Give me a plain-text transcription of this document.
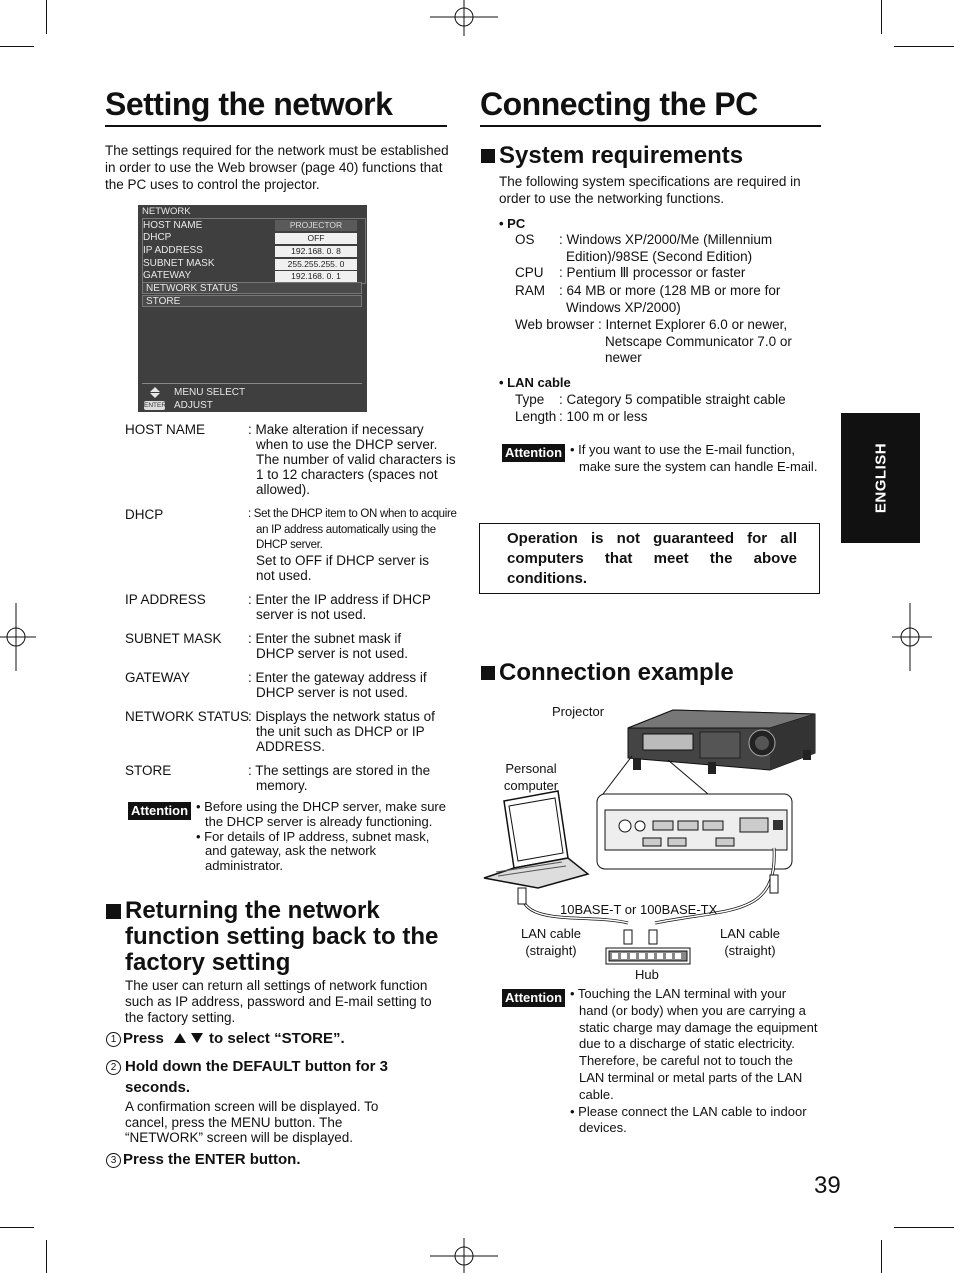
Setting the network
The settings required for the network must be established in order to use the Web browser (page 40) functions that the PC uses to control the projector.
NETWORK
HOST NAME	PROJECTOR
DHCP	OFF
IP ADDRESS	192.168. 0. 8
SUBNET MASK	255.255.255. 0
GATEWAY	192.168. 0. 1
NETWORK STATUS
STORE
MENU SELECT
ENTER ADJUST
HOST NAME	: Make alteration if necessary when to use the DHCP server. The number of valid characters is 1 to 12 characters (spaces not allowed).
DHCP	: Set the DHCP item to ON when to acquire an IP address automatically using the DHCP server.
Set to OFF if DHCP server is not used.
IP ADDRESS	: Enter the IP address if DHCP server is not used.
SUBNET MASK : Enter the subnet mask if DHCP server is not used.
GATEWAY	: Enter the gateway address if DHCP server is not used.
NETWORK STATUS : Displays the network status of the unit such as DHCP or IP ADDRESS.
STORE	: The settings are stored in the memory.
Attention • Before using the DHCP server, make sure the DHCP server is already functioning.
• For details of IP address, subnet mask, and gateway, ask the network administrator.
Returning the network function setting back to the factory setting
The user can return all settings of network function such as IP address, password and E-mail setting to the factory setting.
1 Press	to select “STORE”.
2 Hold down the DEFAULT button for 3 seconds.
A confirmation screen will be displayed. To cancel, press the MENU button. The “NETWORK” screen will be displayed.
3 Press the ENTER button.
Connecting the PC
System requirements
The following system specifications are required in order to use the networking functions.
• PC
OS : Windows XP/2000/Me (Millennium Edition)/98SE (Second Edition)
CPU : Pentium Ⅲ processor or faster
RAM : 64 MB or more (128 MB or more for Windows XP/2000)
Web browser : Internet Explorer 6.0 or newer, Netscape Communicator 7.0 or newer
• LAN cable
Type : Category 5 compatible straight cable
Length : 100 m or less
Attention • If you want to use the E-mail function, make sure the system can handle E-mail.
Operation is not guaranteed for all computers that meet the above conditions.
Connection example
Projector
Personal computer
10BASE-T or 100BASE-TX
LAN cable (straight)
LAN cable (straight)
Hub
Attention • Touching the LAN terminal with your hand (or body) when you are carrying a static charge may damage the equipment due to a discharge of static electricity. Therefore, be careful not to touch the LAN terminal or metal parts of the LAN cable.
• Please connect the LAN cable to indoor devices.
ENGLISH
39
